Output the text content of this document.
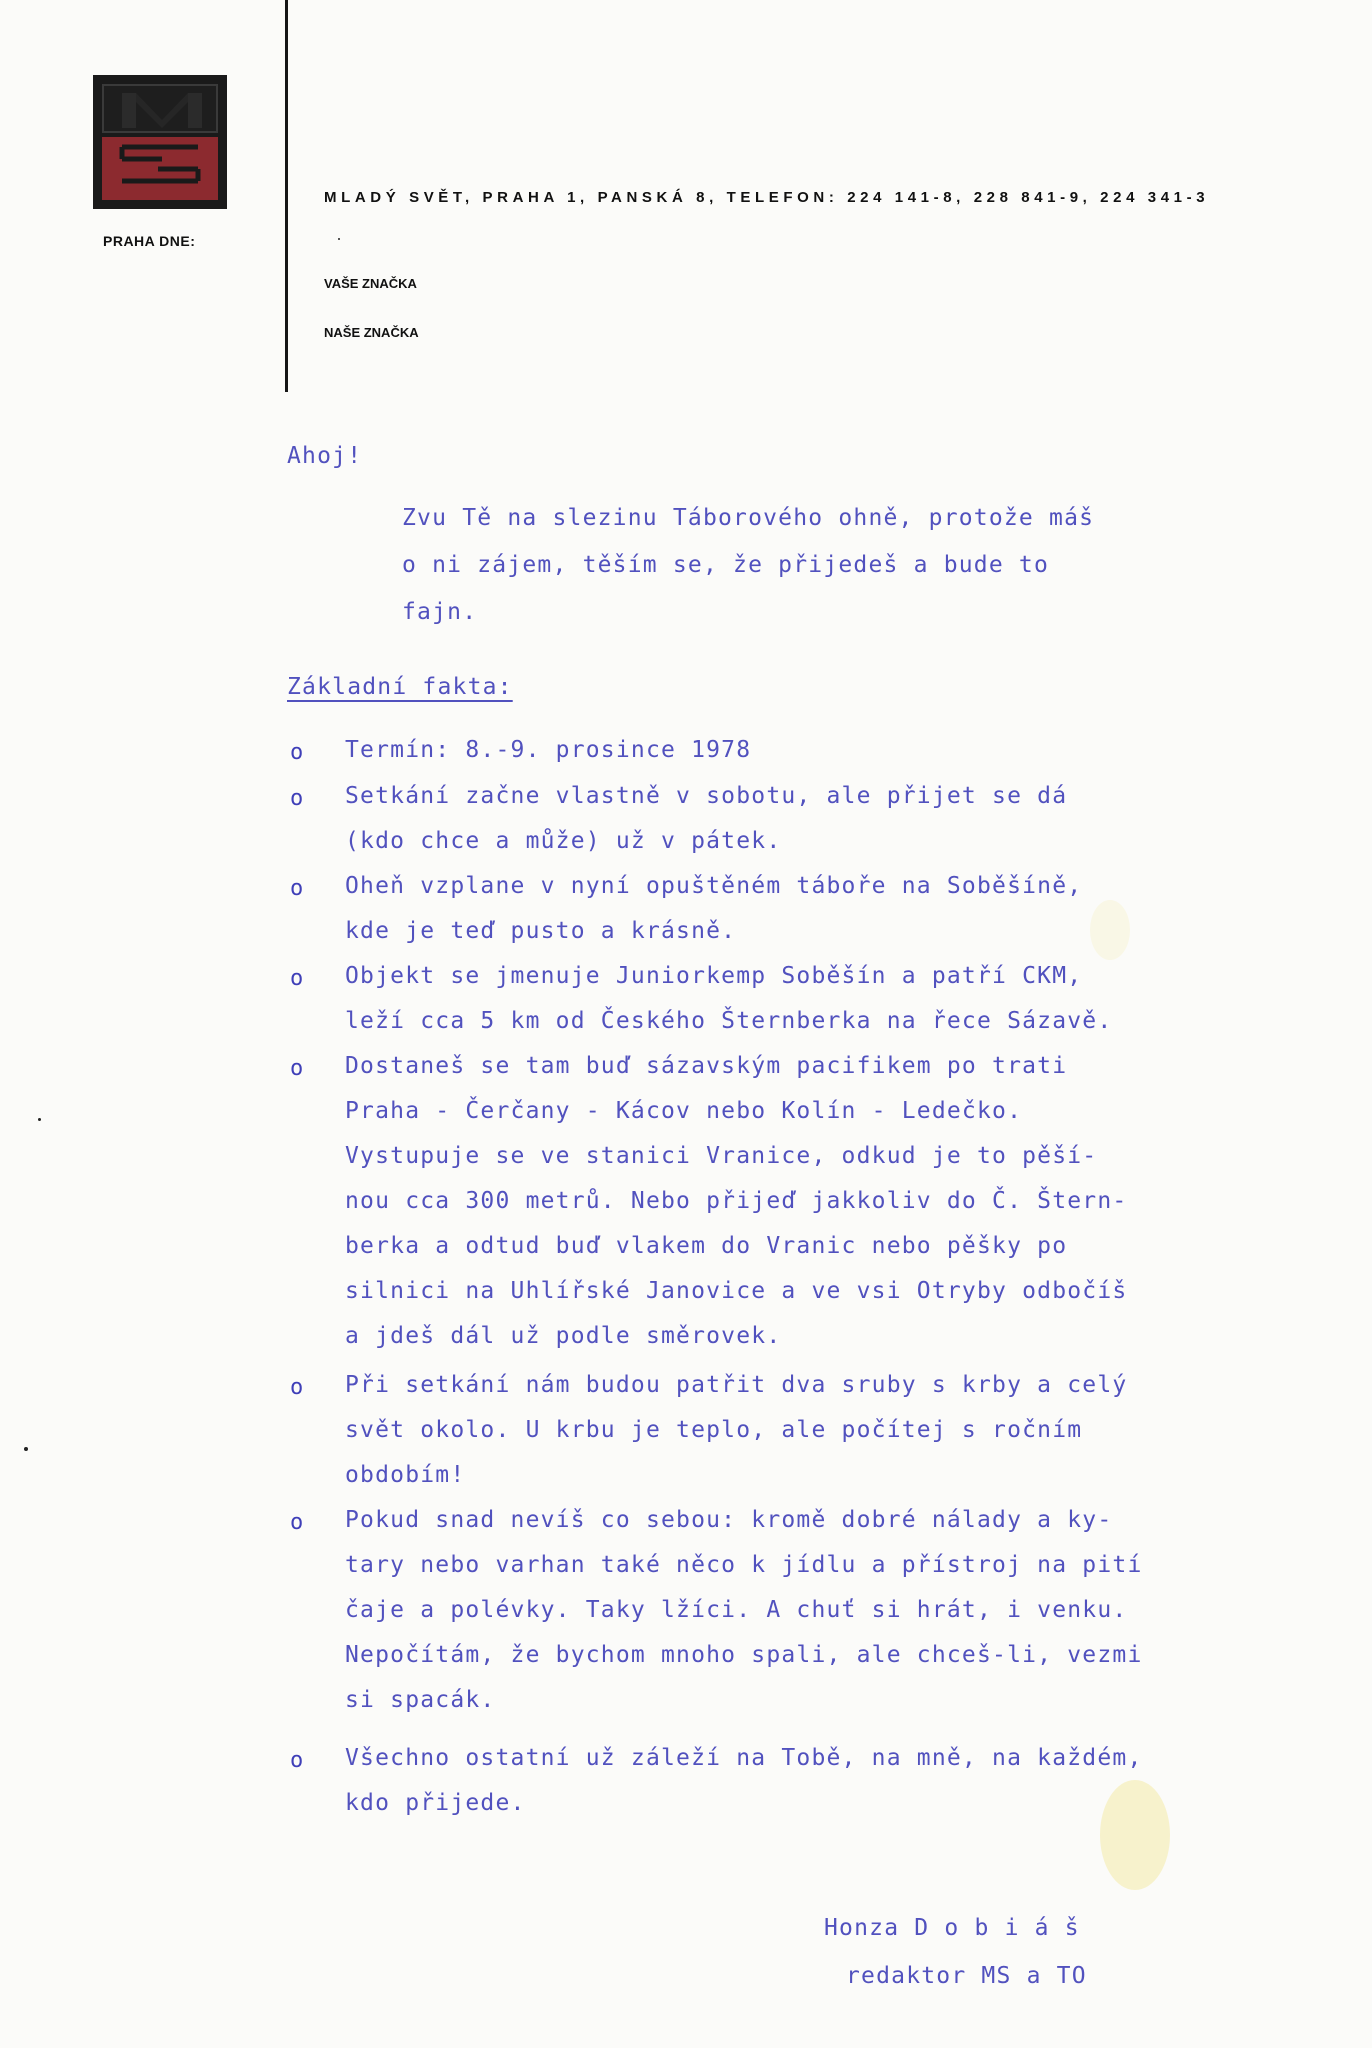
PRAHA DNE:
MLADÝ SVĚT, PRAHA 1, PANSKÁ 8, TELEFON: 224 141-8, 228 841-9, 224 341-3
VAŠE ZNAČKA
NAŠE ZNAČKA
Ahoj!
Zvu Tě na slezinu Táborového ohně, protože máš
o ni zájem, těším se, že přijedeš a bude to
fajn.
Základní fakta:
o Termín: 8.-9. prosince 1978
o Setkání začne vlastně v sobotu, ale přijet se dá
(kdo chce a může) už v pátek.
o Oheň vzplane v nyní opuštěném táboře na Soběšíně,
kde je teď pusto a krásně.
o Objekt se jmenuje Juniorkemp Soběšín a patří CKM,
leží cca 5 km od Českého Šternberka na řece Sázavě.
o Dostaneš se tam buď sázavským pacifikem po trati
Praha - Čerčany - Kácov nebo Kolín - Ledečko.
Vystupuje se ve stanici Vranice, odkud je to pěší-
nou cca 300 metrů. Nebo přijeď jakkoliv do Č. Štern-
berka a odtud buď vlakem do Vranic nebo pěšky po
silnici na Uhlířské Janovice a ve vsi Otryby odbočíš
a jdeš dál už podle směrovek.
o Při setkání nám budou patřit dva sruby s krby a celý
svět okolo. U krbu je teplo, ale počítej s ročním
obdobím!
o Pokud snad nevíš co sebou: kromě dobré nálady a ky-
tary nebo varhan také něco k jídlu a přístroj na pití
čaje a polévky. Taky lžíci. A chuť si hrát, i venku.
Nepočítám, že bychom mnoho spali, ale chceš-li, vezmi
si spacák.
o Všechno ostatní už záleží na Tobě, na mně, na každém,
kdo přijede.
Honza D o b i á š
redaktor MS a TO
